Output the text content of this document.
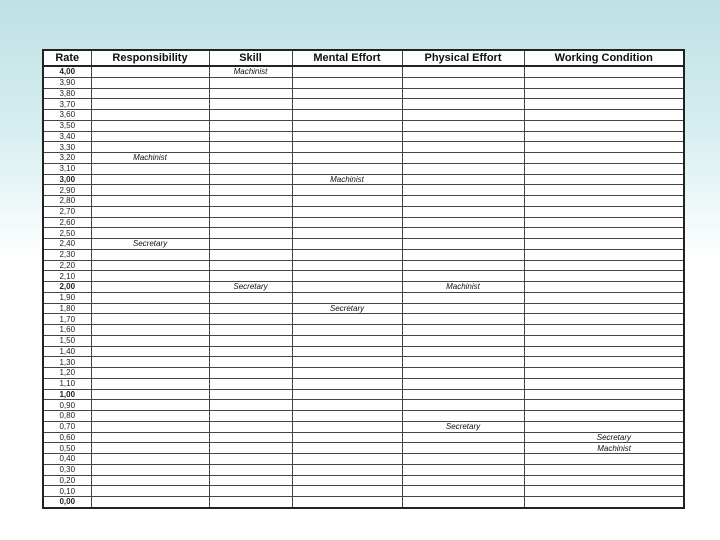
Rate	Responsibility	Skill	Mental Effort	Physical Effort	Working Condition
4,00		Machinist			
3,90					
3,80					
3,70					
3,60					
3,50					
3,40					
3,30					
3,20	Machinist				
3,10					
3,00			Machinist		
2,90					
2,80					
2,70					
2,60					
2,50					
2,40	Secretary				
2,30					
2,20					
2,10					
2,00		Secretary		Machinist	
1,90					
1,80			Secretary		
1,70					
1,60					
1,50					
1,40					
1,30					
1,20					
1,10					
1,00					
0,90					
0,80					
0,70				Secretary	
0,60					Secretary
0,50					Machinist
0,40					
0,30					
0,20					
0,10					
0,00					
